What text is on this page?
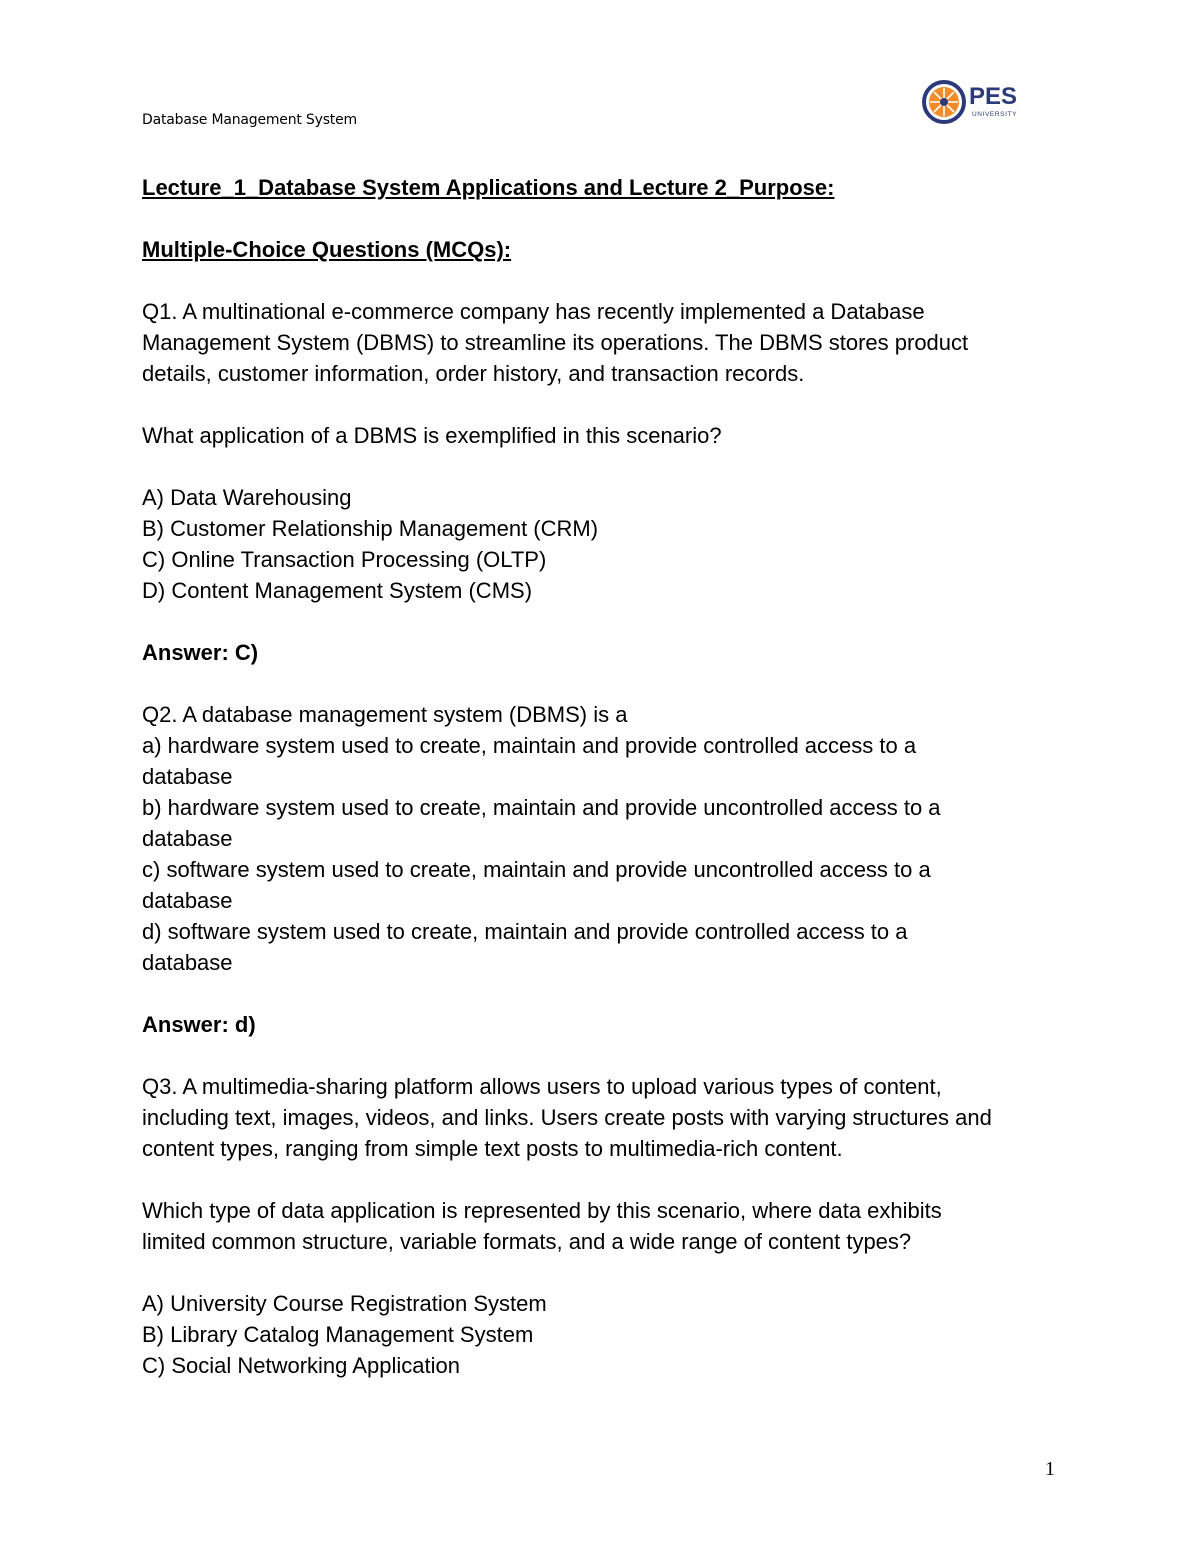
Database Management System
PES
UNIVERSITY

Lecture_1_Database System Applications and Lecture 2_Purpose:

Multiple-Choice Questions (MCQs):

Q1. A multinational e-commerce company has recently implemented a Database

Management System (DBMS) to streamline its operations. The DBMS stores product

details, customer information, order history, and transaction records.

What application of a DBMS is exemplified in this scenario?

A) Data Warehousing

B) Customer Relationship Management (CRM)

C) Online Transaction Processing (OLTP)

D) Content Management System (CMS)

Answer: C)

Q2. A database management system (DBMS) is a

a) hardware system used to create, maintain and provide controlled access to a

database

b) hardware system used to create, maintain and provide uncontrolled access to a

database

c) software system used to create, maintain and provide uncontrolled access to a

database

d) software system used to create, maintain and provide controlled access to a

database

Answer: d)

Q3. A multimedia-sharing platform allows users to upload various types of content,

including text, images, videos, and links. Users create posts with varying structures and

content types, ranging from simple text posts to multimedia-rich content.

Which type of data application is represented by this scenario, where data exhibits

limited common structure, variable formats, and a wide range of content types?

A) University Course Registration System

B) Library Catalog Management System

C) Social Networking Application

1
